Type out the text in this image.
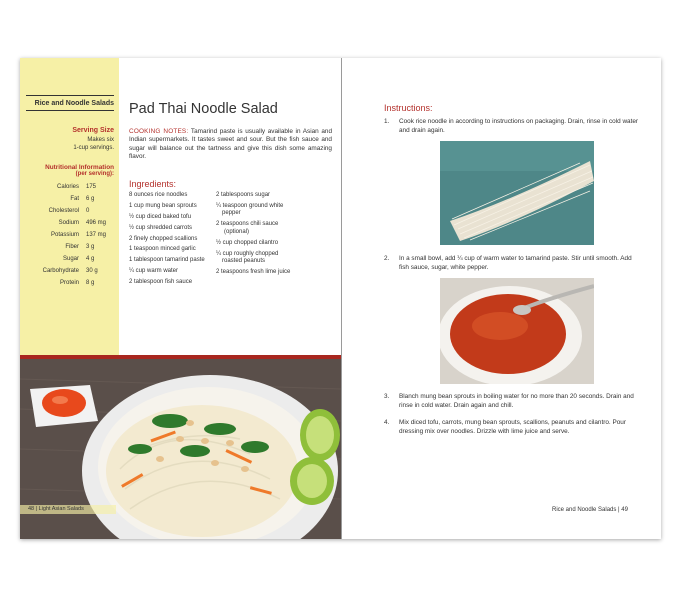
Rice and Noodle Salads
Serving Size
Makes six
1-cup servings.
Nutritional Information
(per serving):
Calories 175
Fat 6 g
Cholesterol 0
Sodium 496 mg
Potassium 137 mg
Fiber 3 g
Sugar 4 g
Carbohydrate 30 g
Protein 8 g
Pad Thai Noodle Salad
COOKING NOTES: Tamarind paste is usually available in Asian and Indian supermarkets. It tastes sweet and sour. But the fish sauce and sugar will balance out the tartness and give this dish some amazing flavor.
Ingredients:
8 ounces rice noodles
1 cup mung bean sprouts
½ cup diced baked tofu
½ cup shredded carrots
2 finely chopped scallions
1 teaspoon minced garlic
1 tablespoon tamarind paste
¼ cup warm water
2 tablespoon fish sauce
2 tablespoons sugar
¼ teaspoon ground white pepper
2 teaspoons chili sauce (optional)
½ cup chopped cilantro
¼ cup roughly chopped roasted peanuts
2 teaspoons fresh lime juice
48 | Light Asian Salads
Instructions:
1. Cook rice noodle in according to instructions on packaging. Drain, rinse in cold water and drain again.
2. In a small bowl, add ¼ cup of warm water to tamarind paste. Stir until smooth. Add fish sauce, sugar, white pepper.
3. Blanch mung bean sprouts in boiling water for no more than 20 seconds. Drain and rinse in cold water. Drain again and chill.
4. Mix diced tofu, carrots, mung bean sprouts, scallions, peanuts and cilantro. Pour dressing mix over noodles. Drizzle with lime juice and serve.
Rice and Noodle Salads | 49
